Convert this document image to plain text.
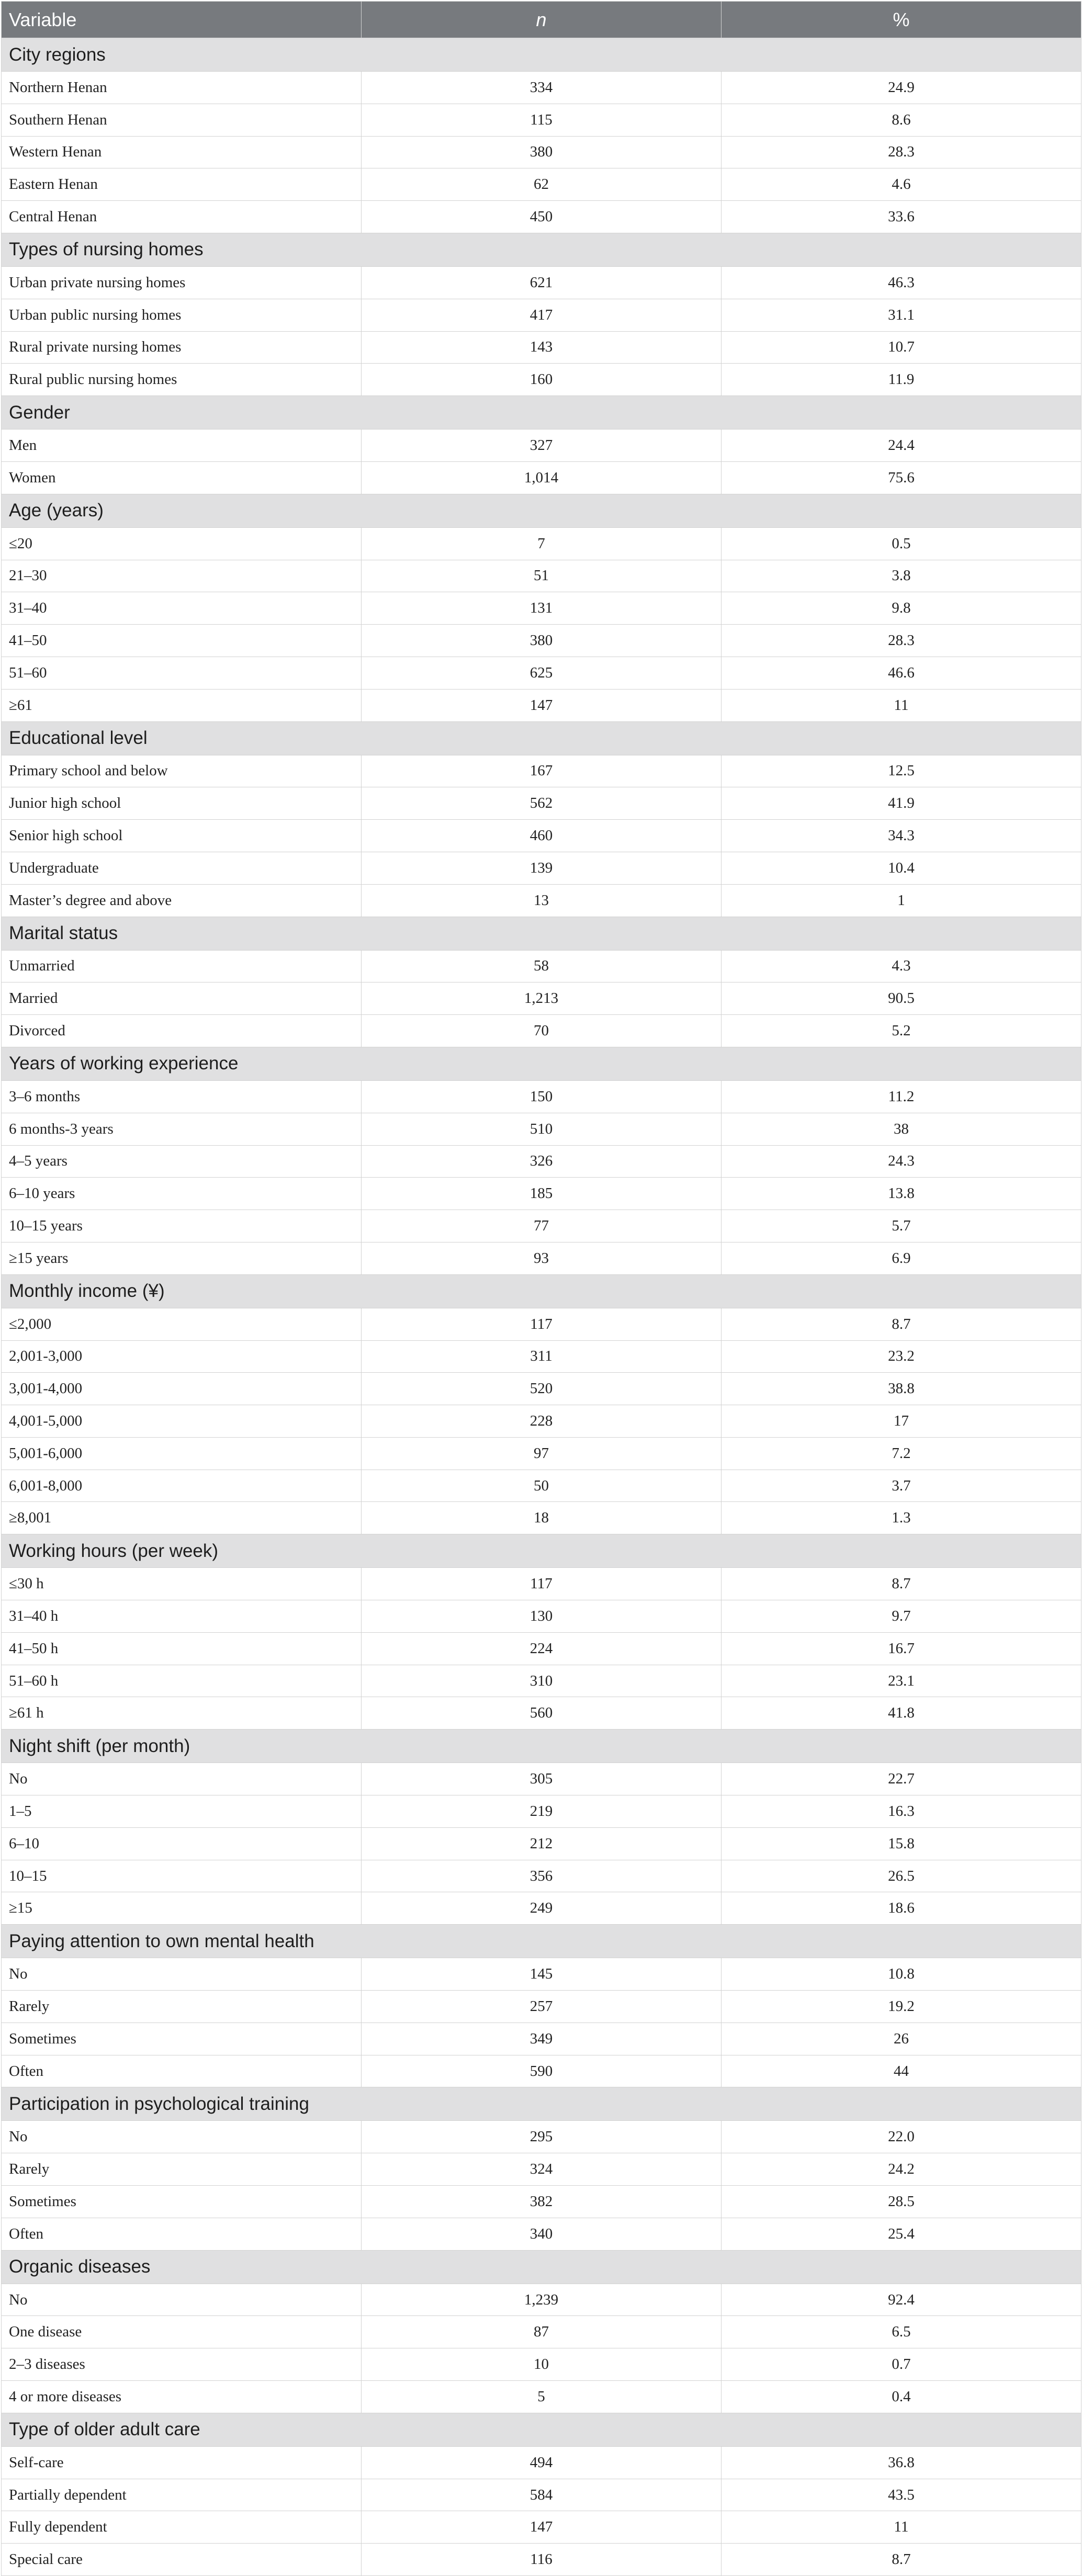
Variable	n	%
City regions		
Northern Henan	334	24.9
Southern Henan	115	8.6
Western Henan	380	28.3
Eastern Henan	62	4.6
Central Henan	450	33.6
Types of nursing homes		
Urban private nursing homes	621	46.3
Urban public nursing homes	417	31.1
Rural private nursing homes	143	10.7
Rural public nursing homes	160	11.9
Gender		
Men	327	24.4
Women	1,014	75.6
Age (years)		
≤20	7	0.5
21–30	51	3.8
31–40	131	9.8
41–50	380	28.3
51–60	625	46.6
≥61	147	11
Educational level		
Primary school and below	167	12.5
Junior high school	562	41.9
Senior high school	460	34.3
Undergraduate	139	10.4
Master’s degree and above	13	1
Marital status		
Unmarried	58	4.3
Married	1,213	90.5
Divorced	70	5.2
Years of working experience		
3–6 months	150	11.2
6 months-3 years	510	38
4–5 years	326	24.3
6–10 years	185	13.8
10–15 years	77	5.7
≥15 years	93	6.9
Monthly income (¥)		
≤2,000	117	8.7
2,001-3,000	311	23.2
3,001-4,000	520	38.8
4,001-5,000	228	17
5,001-6,000	97	7.2
6,001-8,000	50	3.7
≥8,001	18	1.3
Working hours (per week)		
≤30 h	117	8.7
31–40 h	130	9.7
41–50 h	224	16.7
51–60 h	310	23.1
≥61 h	560	41.8
Night shift (per month)		
No	305	22.7
1–5	219	16.3
6–10	212	15.8
10–15	356	26.5
≥15	249	18.6
Paying attention to own mental health		
No	145	10.8
Rarely	257	19.2
Sometimes	349	26
Often	590	44
Participation in psychological training		
No	295	22.0
Rarely	324	24.2
Sometimes	382	28.5
Often	340	25.4
Organic diseases		
No	1,239	92.4
One disease	87	6.5
2–3 diseases	10	0.7
4 or more diseases	5	0.4
Type of older adult care		
Self-care	494	36.8
Partially dependent	584	43.5
Fully dependent	147	11
Special care	116	8.7
